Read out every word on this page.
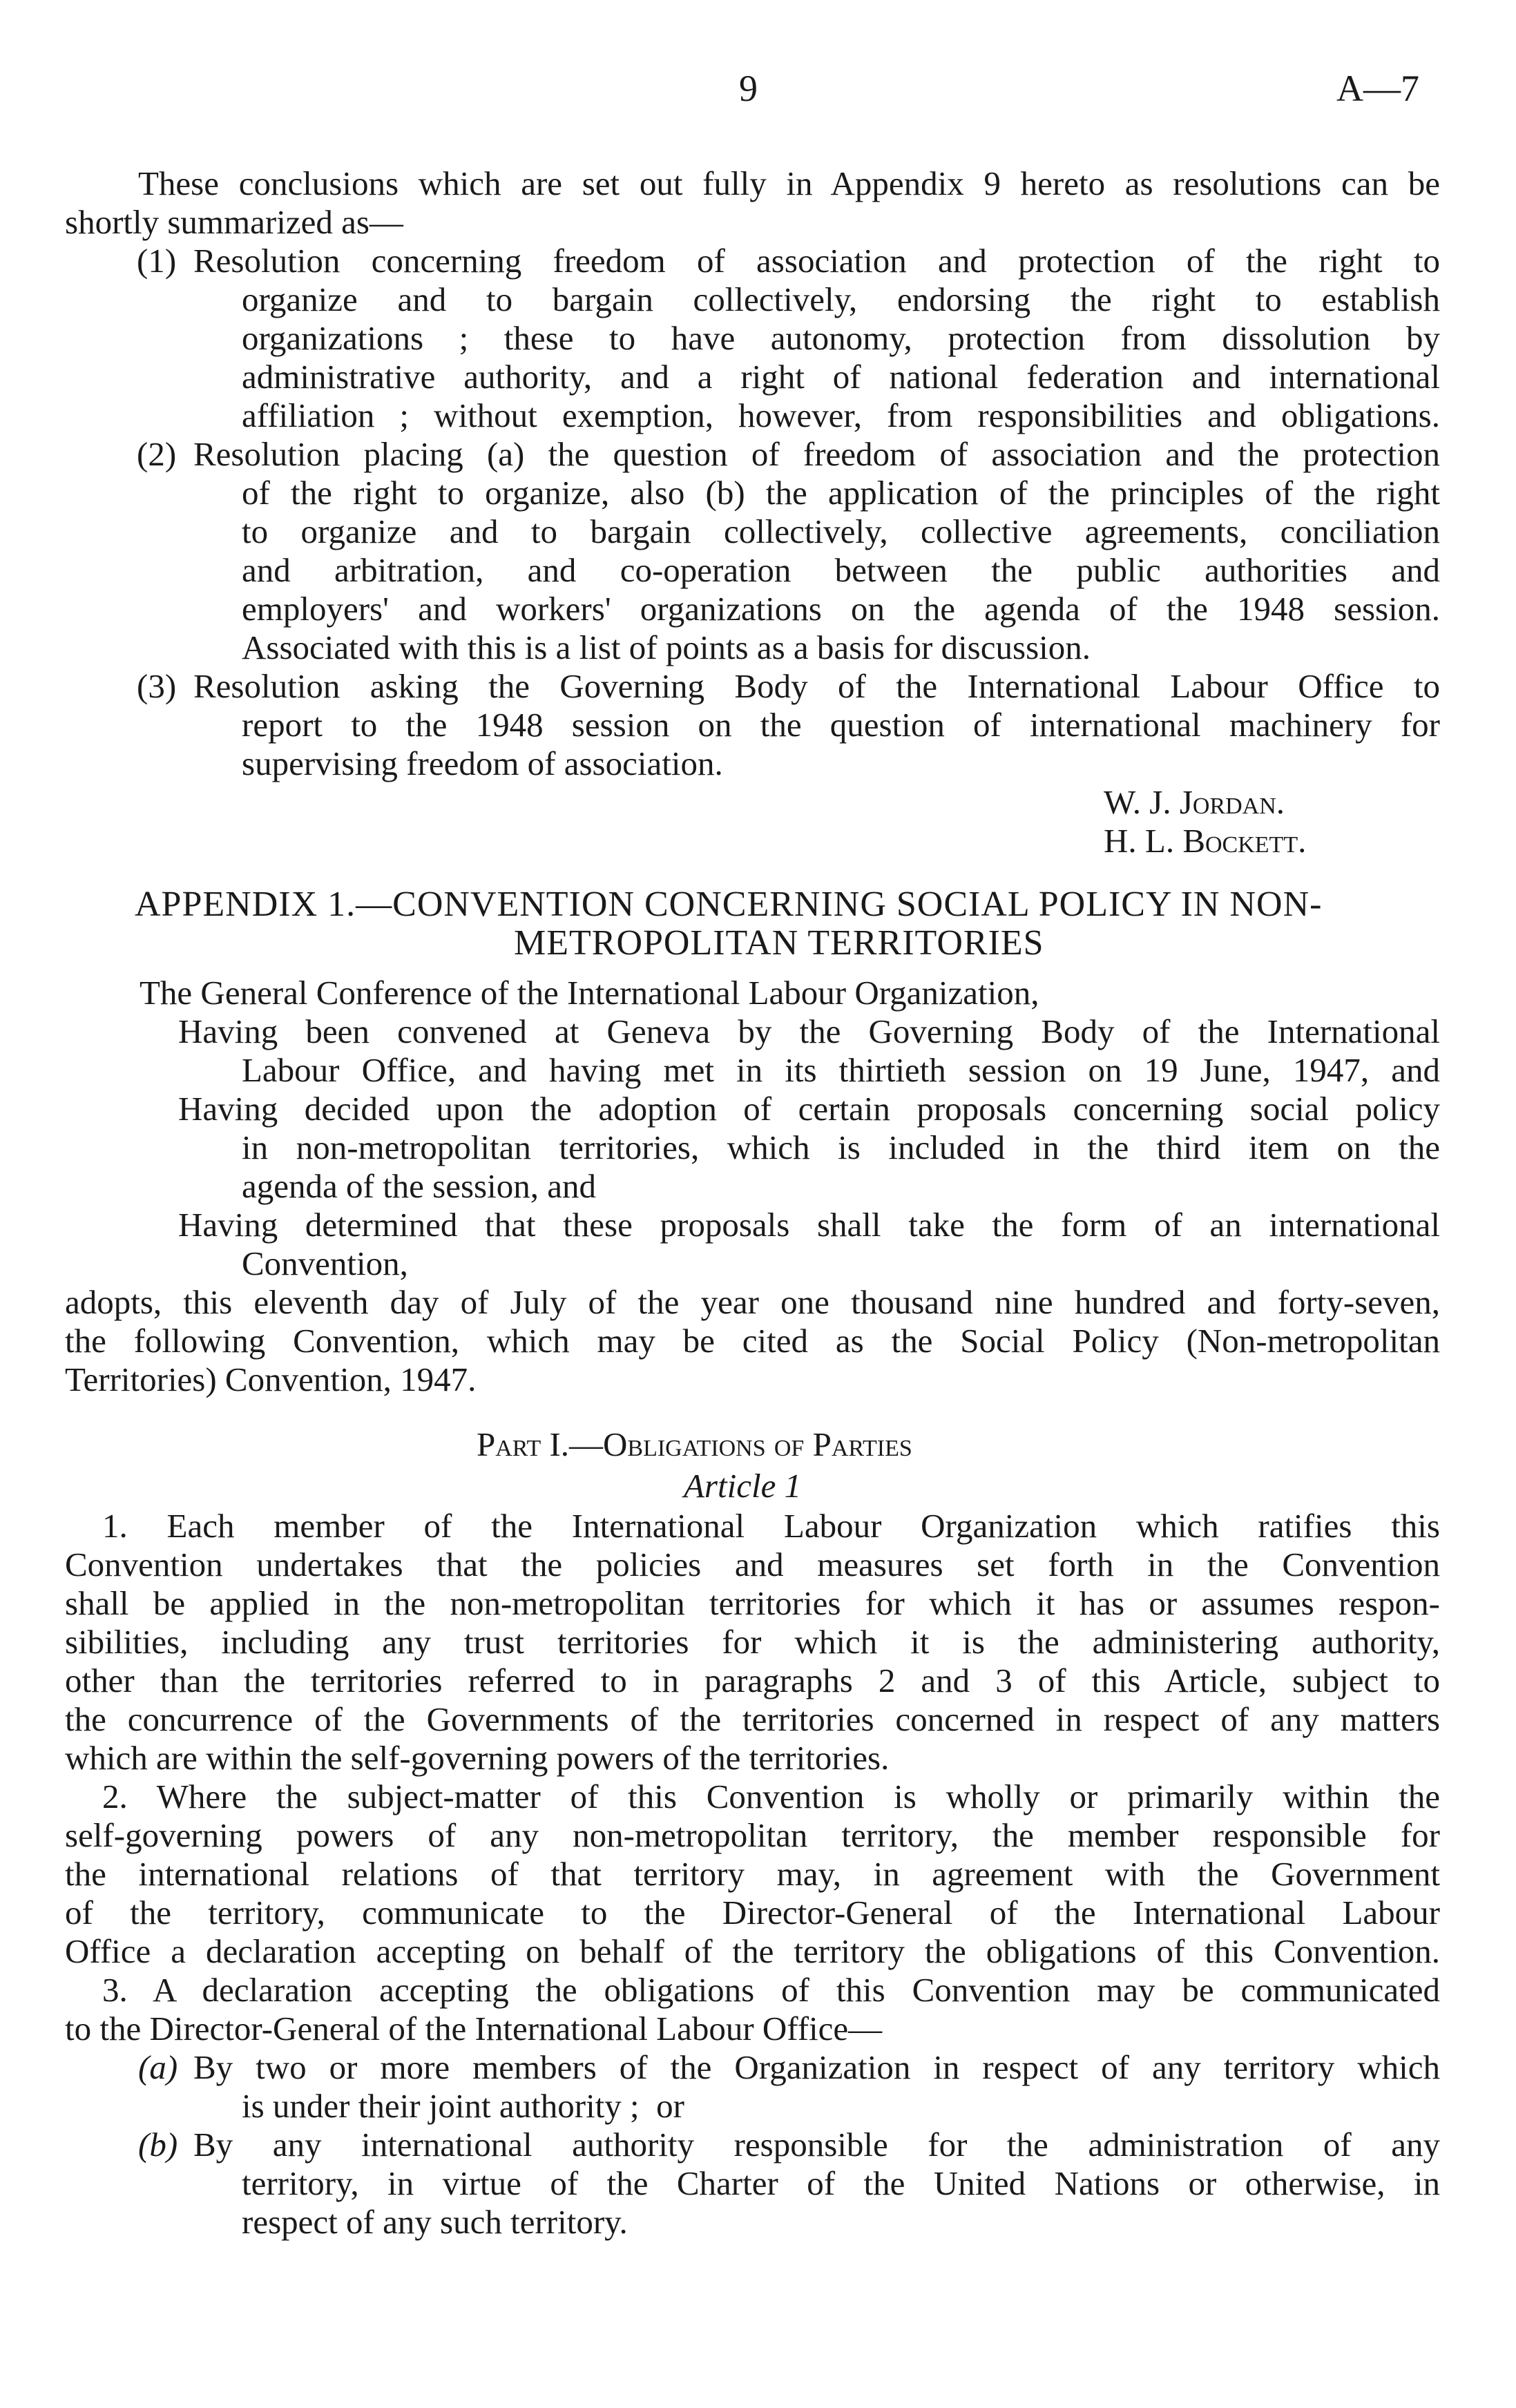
9	A—7
These conclusions which are set out fully in Appendix 9 hereto as resolutions can be
shortly summarized as—
(1) Resolution concerning freedom of association and protection of the right to
organize and to bargain collectively, endorsing the right to establish
organizations ; these to have autonomy, protection from dissolution by
administrative authority, and a right of national federation and international
affiliation ; without exemption, however, from responsibilities and obligations.
(2) Resolution placing (a) the question of freedom of association and the protection
of the right to organize, also (b) the application of the principles of the right
to organize and to bargain collectively, collective agreements, conciliation
and arbitration, and co-operation between the public authorities and
employers' and workers' organizations on the agenda of the 1948 session.
Associated with this is a list of points as a basis for discussion.
(3) Resolution asking the Governing Body of the International Labour Office to
report to the 1948 session on the question of international machinery for
supervising freedom of association.
W. J. Jordan.
H. L. Bockett.
APPENDIX 1.—CONVENTION CONCERNING SOCIAL POLICY IN NON-
METROPOLITAN TERRITORIES
The General Conference of the International Labour Organization,
Having been convened at Geneva by the Governing Body of the International
Labour Office, and having met in its thirtieth session on 19 June, 1947, and
Having decided upon the adoption of certain proposals concerning social policy
in non-metropolitan territories, which is included in the third item on the
agenda of the session, and
Having determined that these proposals shall take the form of an international
Convention,
adopts, this eleventh day of July of the year one thousand nine hundred and forty-seven,
the following Convention, which may be cited as the Social Policy (Non-metropolitan
Territories) Convention, 1947.
Part I.—Obligations of Parties
Article 1
1. Each member of the International Labour Organization which ratifies this
Convention undertakes that the policies and measures set forth in the Convention
shall be applied in the non-metropolitan territories for which it has or assumes respon-
sibilities, including any trust territories for which it is the administering authority,
other than the territories referred to in paragraphs 2 and 3 of this Article, subject to
the concurrence of the Governments of the territories concerned in respect of any matters
which are within the self-governing powers of the territories.
2. Where the subject-matter of this Convention is wholly or primarily within the
self-governing powers of any non-metropolitan territory, the member responsible for
the international relations of that territory may, in agreement with the Government
of the territory, communicate to the Director-General of the International Labour
Office a declaration accepting on behalf of the territory the obligations of this Convention.
3. A declaration accepting the obligations of this Convention may be communicated
to the Director-General of the International Labour Office—
(a) By two or more members of the Organization in respect of any territory which
is under their joint authority ;  or
(b) By any international authority responsible for the administration of any
territory, in virtue of the Charter of the United Nations or otherwise, in
respect of any such territory.
